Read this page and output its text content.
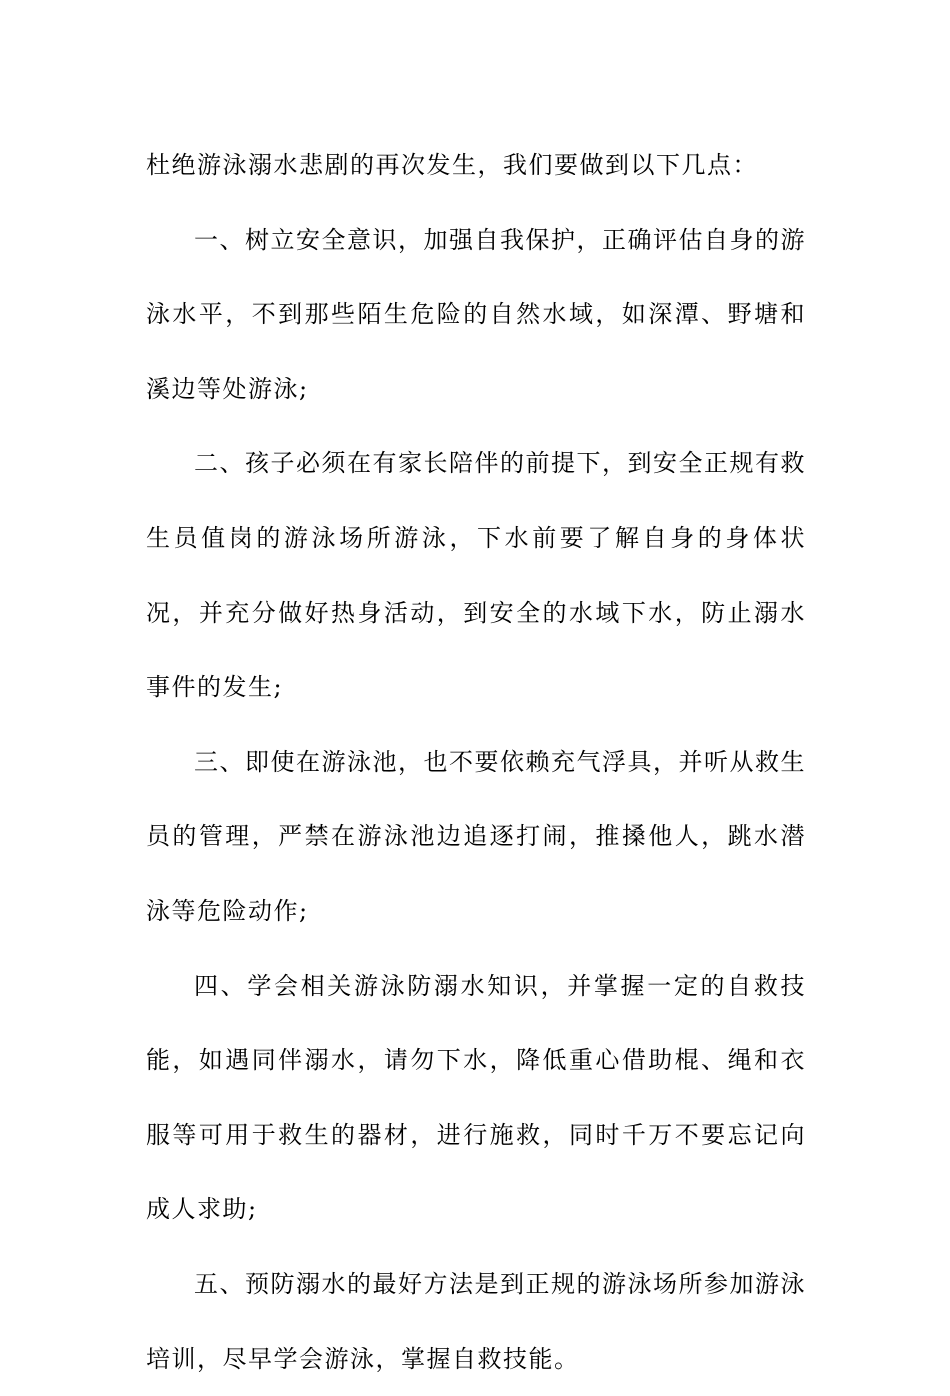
杜绝游泳溺水悲剧的再次发生，我们要做到以下几点：

一、树立安全意识，加强自我保护，正确评估自身的游泳水平，不到那些陌生危险的自然水域，如深潭、野塘和溪边等处游泳;

二、孩子必须在有家长陪伴的前提下，到安全正规有救生员值岗的游泳场所游泳，下水前要了解自身的身体状况，并充分做好热身活动，到安全的水域下水，防止溺水事件的发生;

三、即使在游泳池，也不要依赖充气浮具，并听从救生员的管理，严禁在游泳池边追逐打闹，推搡他人，跳水潜泳等危险动作;

四、学会相关游泳防溺水知识，并掌握一定的自救技能，如遇同伴溺水，请勿下水，降低重心借助棍、绳和衣服等可用于救生的器材，进行施救，同时千万不要忘记向成人求助;

五、预防溺水的最好方法是到正规的游泳场所参加游泳培训，尽早学会游泳，掌握自救技能。
